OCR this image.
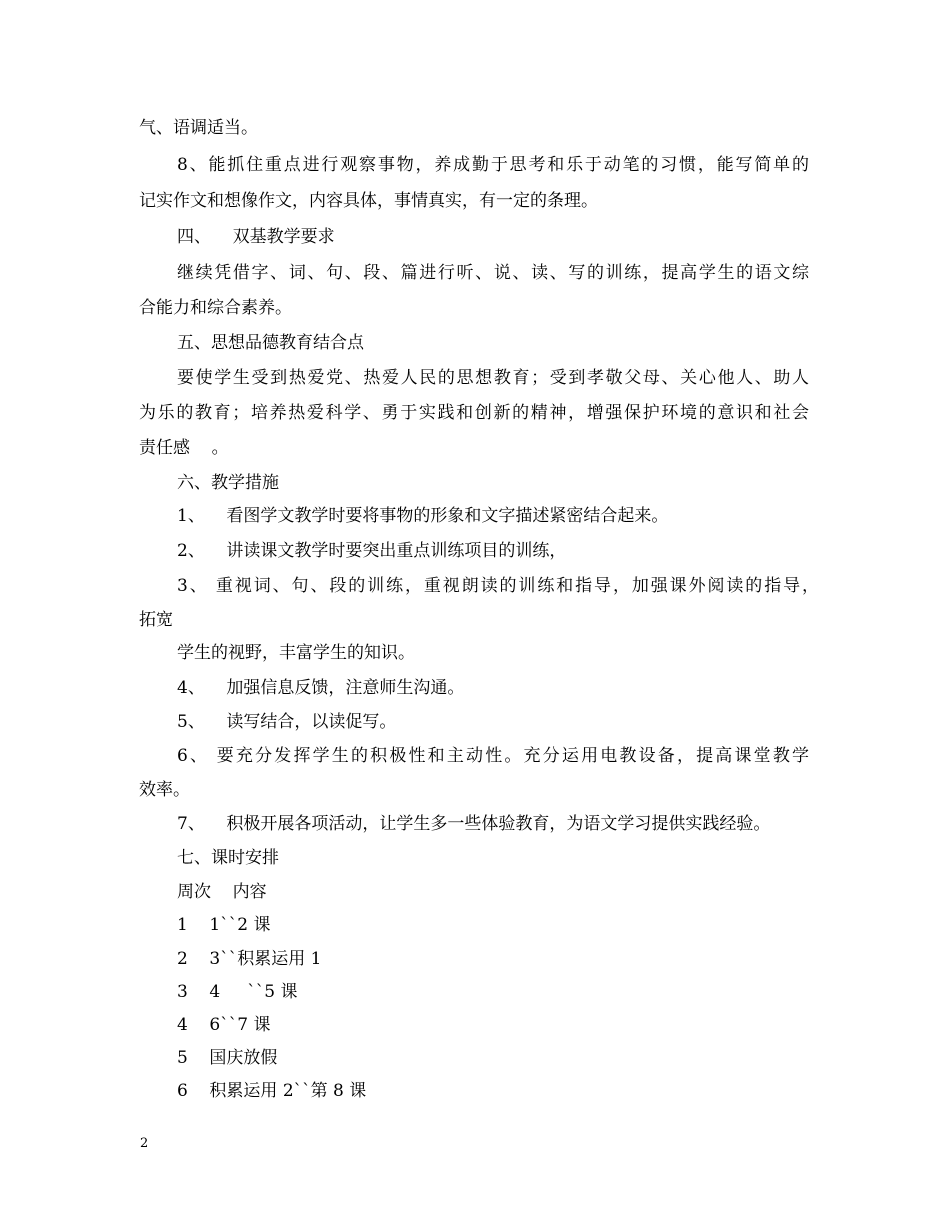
气、语调适当。
8、能抓住重点进行观察事物，养成勤于思考和乐于动笔的习惯，能写简单的
记实作文和想像作文，内容具体，事情真实，有一定的条理。
四、    双基教学要求
继续凭借字、词、句、段、篇进行听、说、读、写的训练，提高学生的语文综
合能力和综合素养。
五、思想品德教育结合点
要使学生受到热爱党、热爱人民的思想教育；受到孝敬父母、关心他人、助人
为乐的教育；培养热爱科学、勇于实践和创新的精神，增强保护环境的意识和社会
责任感    。
六、教学措施
1、    看图学文教学时要将事物的形象和文字描述紧密结合起来。
2、    讲读课文教学时要突出重点训练项目的训练，
3、 重视词、句、段的训练，重视朗读的训练和指导，加强课外阅读的指导，
拓宽
学生的视野，丰富学生的知识。
4、    加强信息反馈，注意师生沟通。
5、    读写结合，以读促写。
6、 要充分发挥学生的积极性和主动性。充分运用电教设备，提高课堂教学
效率。
7、    积极开展各项活动，让学生多一些体验教育，为语文学习提供实践经验。
七、课时安排
周次    内容
1    1``2 课
2    3``积累运用 1
3    4     ``5 课
4    6``7 课
5    国庆放假
6    积累运用 2``第 8 课
2
